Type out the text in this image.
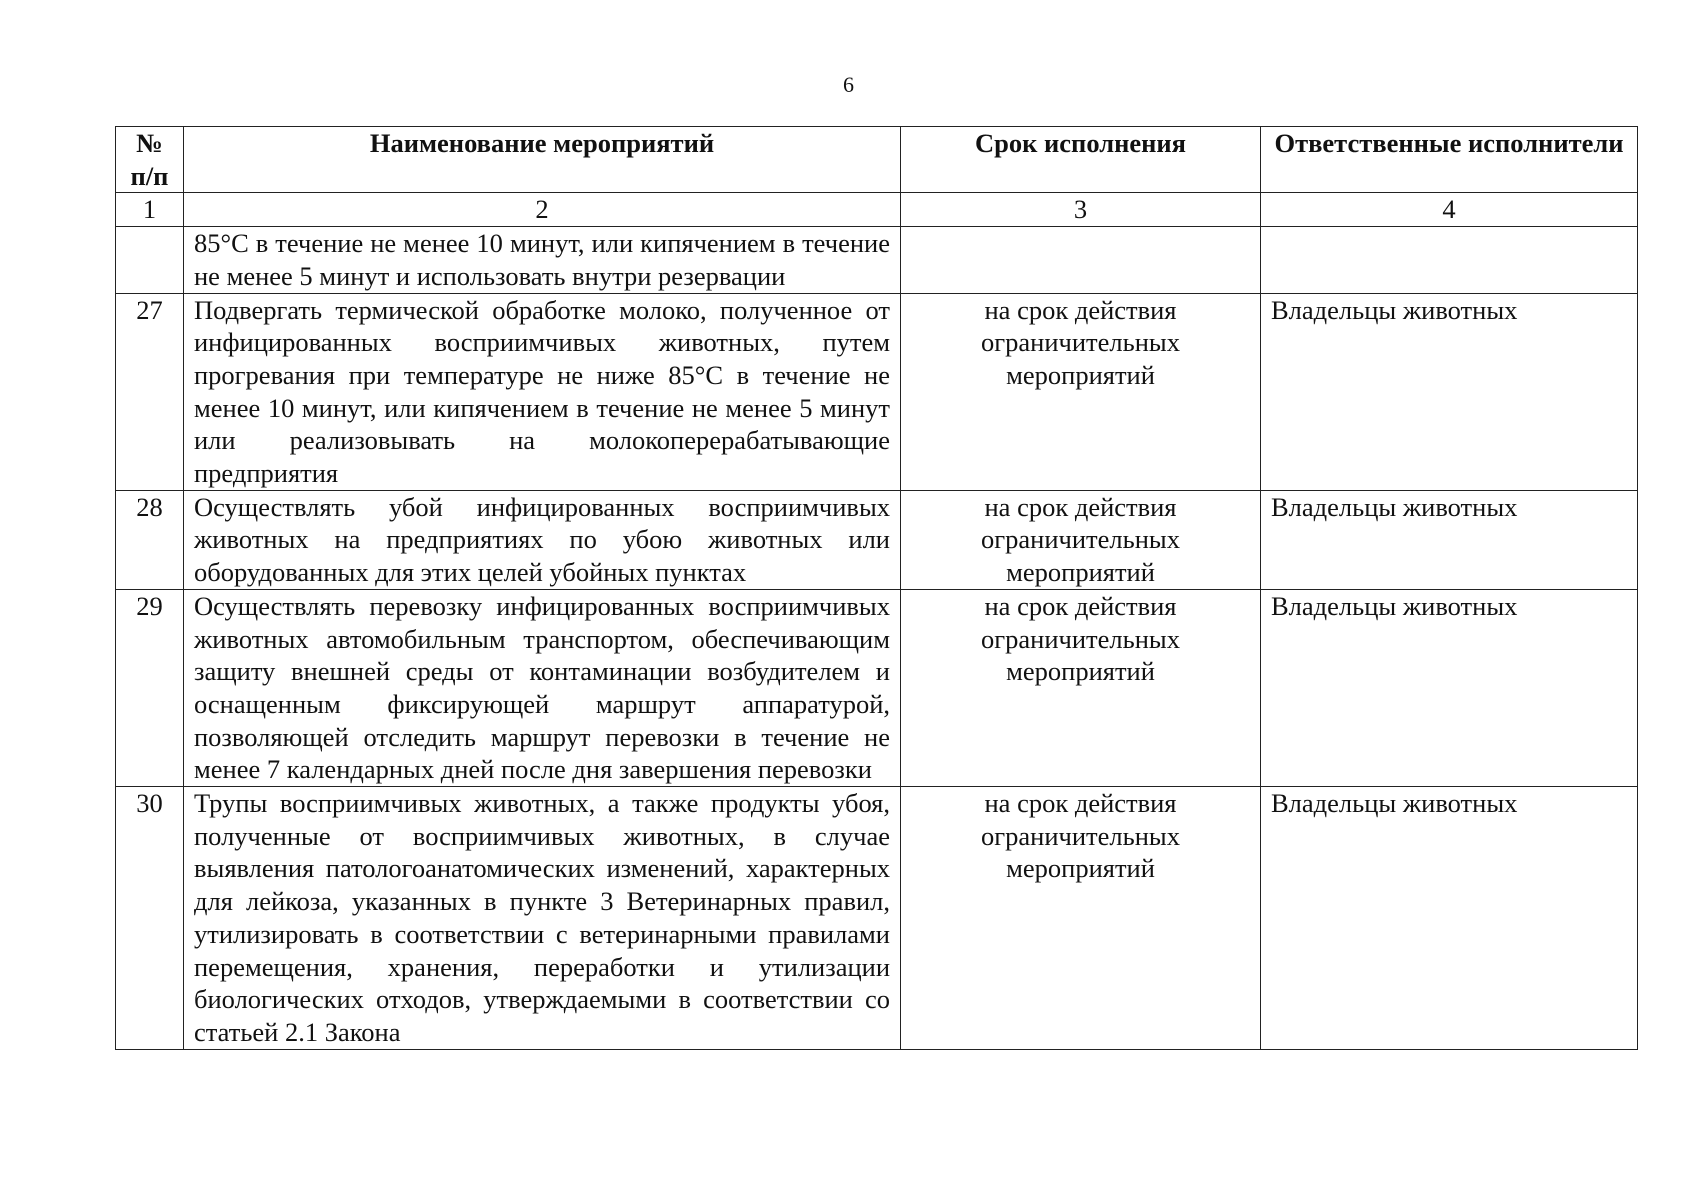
6
№ п/п	Наименование мероприятий	Срок исполнения	Ответственные исполнители
1	2	3	4
	85°С в течение не менее 10 минут, или кипячением в течение не менее 5 минут и использовать внутри резервации		
27	Подвергать термической обработке молоко, полученное от инфицированных восприимчивых животных, путем прогревания при температуре не ниже 85°С в течение не менее 10 минут, или кипячением в течение не менее 5 минут или реализовывать на молокоперерабатывающие предприятия	на срок действия ограничительных мероприятий	Владельцы животных
28	Осуществлять убой инфицированных восприимчивых животных на предприятиях по убою животных или оборудованных для этих целей убойных пунктах	на срок действия ограничительных мероприятий	Владельцы животных
29	Осуществлять перевозку инфицированных восприимчивых животных автомобильным транспортом, обеспечивающим защиту внешней среды от контаминации возбудителем и оснащенным фиксирующей маршрут аппаратурой, позволяющей отследить маршрут перевозки в течение не менее 7 календарных дней после дня завершения перевозки	на срок действия ограничительных мероприятий	Владельцы животных
30	Трупы восприимчивых животных, а также продукты убоя, полученные от восприимчивых животных, в случае выявления патологоанатомических изменений, характерных для лейкоза, указанных в пункте 3 Ветеринарных правил, утилизировать в соответствии с ветеринарными правилами перемещения, хранения, переработки и утилизации биологических отходов, утверждаемыми в соответствии со статьей 2.1 Закона	на срок действия ограничительных мероприятий	Владельцы животных
